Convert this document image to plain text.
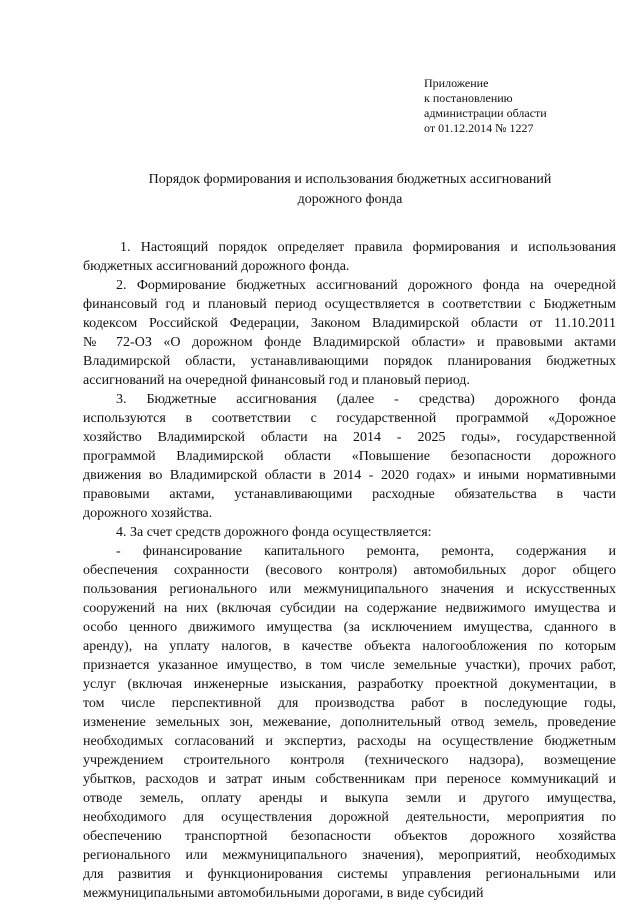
Приложение
к постановлению
администрации области
от 01.12.2014 № 1227
Порядок формирования и использования бюджетных ассигнований
дорожного фонда
1. Настоящий порядок определяет правила формирования и использования
бюджетных ассигнований дорожного фонда.
2. Формирование бюджетных ассигнований дорожного фонда на очередной
финансовый год и плановый период осуществляется в соответствии с Бюджетным
кодексом Российской Федерации, Законом Владимирской области от 11.10.2011
№ 72-ОЗ «О дорожном фонде Владимирской области» и правовыми актами
Владимирской области, устанавливающими порядок планирования бюджетных
ассигнований на очередной финансовый год и плановый период.
3. Бюджетные ассигнования (далее - средства) дорожного фонда
используются в соответствии с государственной программой «Дорожное
хозяйство Владимирской области на 2014 - 2025 годы», государственной
программой Владимирской области «Повышение безопасности дорожного
движения во Владимирской области в 2014 - 2020 годах» и иными нормативными
правовыми актами, устанавливающими расходные обязательства в части
дорожного хозяйства.
4. За счет средств дорожного фонда осуществляется:
- финансирование капитального ремонта, ремонта, содержания и
обеспечения сохранности (весового контроля) автомобильных дорог общего
пользования регионального или межмуниципального значения и искусственных
сооружений на них (включая субсидии на содержание недвижимого имущества и
особо ценного движимого имущества (за исключением имущества, сданного в
аренду), на уплату налогов, в качестве объекта налогообложения по которым
признается указанное имущество, в том числе земельные участки), прочих работ,
услуг (включая инженерные изыскания, разработку проектной документации, в
том числе перспективной для производства работ в последующие годы,
изменение земельных зон, межевание, дополнительный отвод земель, проведение
необходимых согласований и экспертиз, расходы на осуществление бюджетным
учреждением строительного контроля (технического надзора), возмещение
убытков, расходов и затрат иным собственникам при переносе коммуникаций и
отводе земель, оплату аренды и выкупа земли и другого имущества,
необходимого для осуществления дорожной деятельности, мероприятия по
обеспечению транспортной безопасности объектов дорожного хозяйства
регионального или межмуниципального значения), мероприятий, необходимых
для развития и функционирования системы управления региональными или
межмуниципальными автомобильными дорогами, в виде субсидий
